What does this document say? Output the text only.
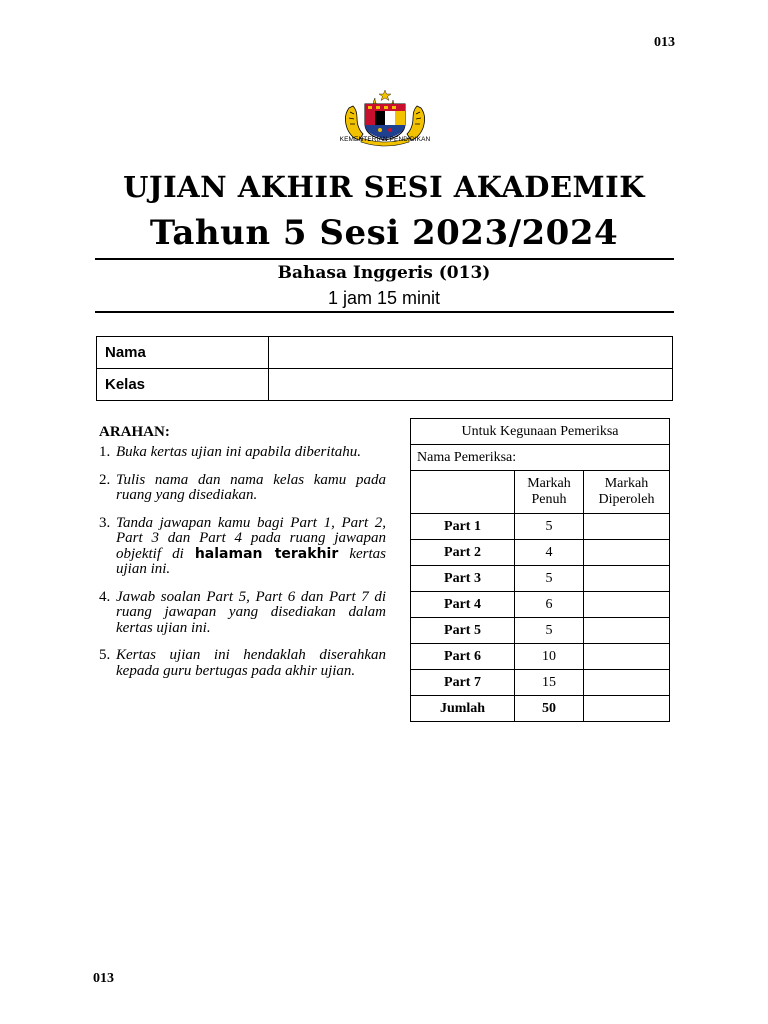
013
KEMENTERIAN PENDIDIKAN
UJIAN AKHIR SESI AKADEMIK
Tahun 5 Sesi 2023/2024
Bahasa Inggeris (013)
1 jam 15 minit
Nama	
Kelas	
ARAHAN:
1. Buka kertas ujian ini apabila diberitahu.
2. Tulis nama dan nama kelas kamu pada ruang yang disediakan.
3. Tanda jawapan kamu bagi Part 1, Part 2, Part 3 dan Part 4 pada ruang jawapan objektif di halaman terakhir kertas ujian ini.
4. Jawab soalan Part 5, Part 6 dan Part 7 di ruang jawapan yang disediakan dalam kertas ujian ini.
5. Kertas ujian ini hendaklah diserahkan kepada guru bertugas pada akhir ujian.
Untuk Kegunaan Pemeriksa		
Nama Pemeriksa:		
	Markah Penuh	Markah Diperoleh
Part 1	5	
Part 2	4	
Part 3	5	
Part 4	6	
Part 5	5	
Part 6	10	
Part 7	15	
Jumlah	50	
013
